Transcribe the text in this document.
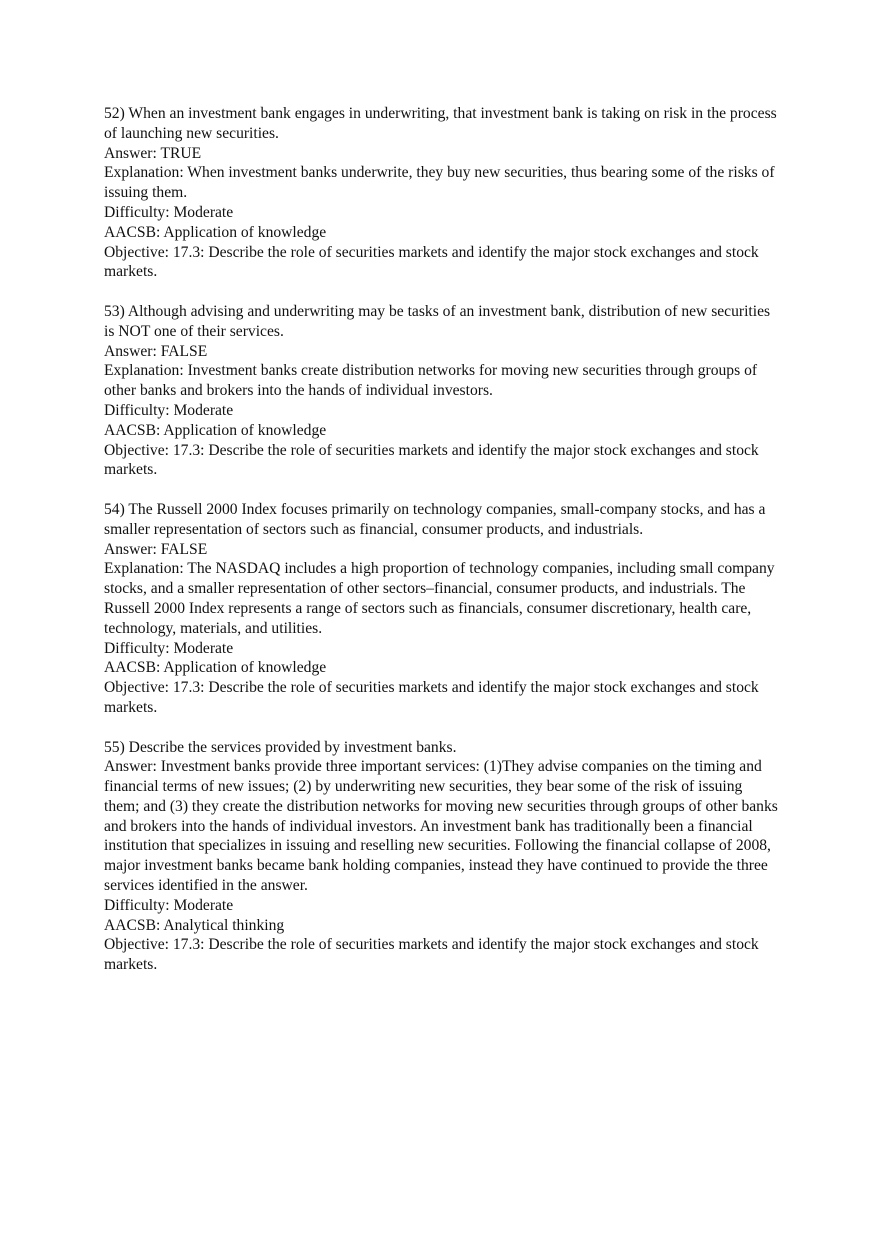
52) When an investment bank engages in underwriting, that investment bank is taking on risk in the process of launching new securities.
Answer: TRUE
Explanation: When investment banks underwrite, they buy new securities, thus bearing some of the risks of issuing them.
Difficulty: Moderate
AACSB: Application of knowledge
Objective: 17.3: Describe the role of securities markets and identify the major stock exchanges and stock markets.
53) Although advising and underwriting may be tasks of an investment bank, distribution of new securities is NOT one of their services.
Answer: FALSE
Explanation: Investment banks create distribution networks for moving new securities through groups of other banks and brokers into the hands of individual investors.
Difficulty: Moderate
AACSB: Application of knowledge
Objective: 17.3: Describe the role of securities markets and identify the major stock exchanges and stock markets.
54) The Russell 2000 Index focuses primarily on technology companies, small-company stocks, and has a smaller representation of sectors such as financial, consumer products, and industrials.
Answer: FALSE
Explanation: The NASDAQ includes a high proportion of technology companies, including small company stocks, and a smaller representation of other sectors–financial, consumer products, and industrials. The Russell 2000 Index represents a range of sectors such as financials, consumer discretionary, health care, technology, materials, and utilities.
Difficulty: Moderate
AACSB: Application of knowledge
Objective: 17.3: Describe the role of securities markets and identify the major stock exchanges and stock markets.
55) Describe the services provided by investment banks.
Answer: Investment banks provide three important services: (1)They advise companies on the timing and financial terms of new issues; (2) by underwriting new securities, they bear some of the risk of issuing them; and (3) they create the distribution networks for moving new securities through groups of other banks and brokers into the hands of individual investors. An investment bank has traditionally been a financial institution that specializes in issuing and reselling new securities. Following the financial collapse of 2008, major investment banks became bank holding companies, instead they have continued to provide the three services identified in the answer.
Difficulty: Moderate
AACSB: Analytical thinking
Objective: 17.3: Describe the role of securities markets and identify the major stock exchanges and stock markets.
